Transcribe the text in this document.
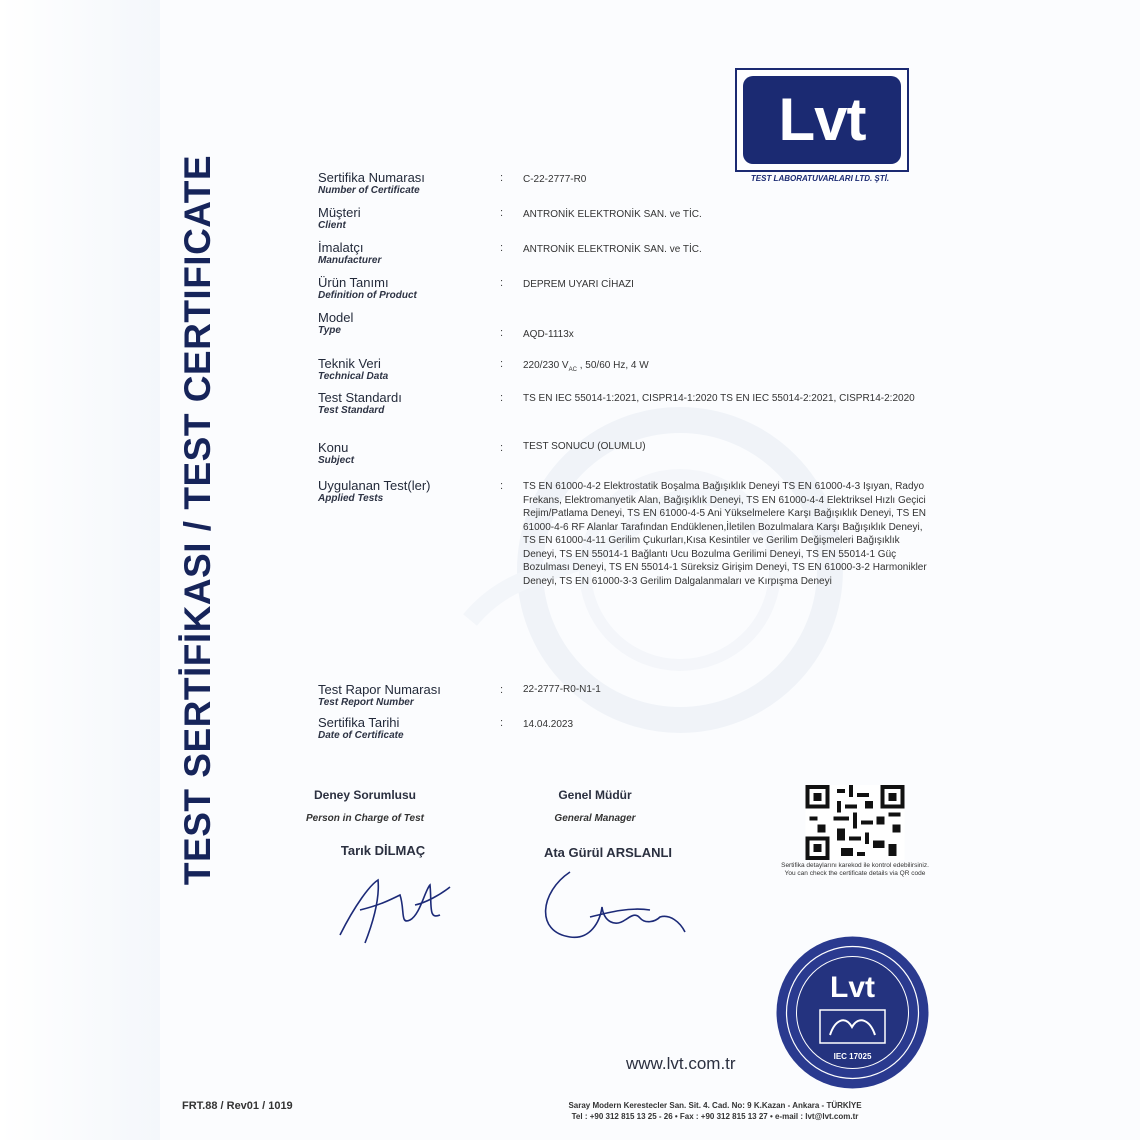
TEST SERTİFİKASI / TEST CERTIFICATE
Lvt
TEST LABORATUVARLARI LTD. ŞTİ.
Sertifika Numarası
Number of Certificate
: C-22-2777-R0
Müşteri
Client
: ANTRONİK ELEKTRONİK SAN. ve TİC.
İmalatçı
Manufacturer
: ANTRONİK ELEKTRONİK SAN. ve TİC.
Ürün Tanımı
Definition of Product
: DEPREM UYARI CİHAZI
Model
Type	: AQD-1113x
Teknik Veri
Technical Data
: 220/230 $V_{AC}$ , 50/60 Hz, 4 W
Test Standardı
Test Standard
: TS EN IEC 55014-1:2021, CISPR14-1:2020 TS EN IEC 55014-2:2021, CISPR14-2:2020
Konu
Subject
: TEST SONUCU (OLUMLU)
Uygulanan Test(ler)
Applied Tests
: TS EN 61000-4-2 Elektrostatik Boşalma Bağışıklık Deneyi TS EN 61000-4-3 Işıyan, Radyo Frekans, Elektromanyetik Alan, Bağışıklık Deneyi, TS EN 61000-4-4 Elektriksel Hızlı Geçici Rejim/Patlama Deneyi, TS EN 61000-4-5 Ani Yükselmelere Karşı Bağışıklık Deneyi, TS EN 61000-4-6 RF Alanlar Tarafından Endüklenen,İletilen Bozulmalara Karşı Bağışıklık Deneyi, TS EN 61000-4-11 Gerilim Çukurları,Kısa Kesintiler ve Gerilim Değişmeleri Bağışıklık Deneyi, TS EN 55014-1 Bağlantı Ucu Bozulma Gerilimi Deneyi, TS EN 55014-1 Güç Bozulması Deneyi, TS EN 55014-1 Süreksiz Girişim Deneyi, TS EN 61000-3-2 Harmonikler Deneyi, TS EN 61000-3-3 Gerilim Dalgalanmaları ve Kırpışma Deneyi
Test Rapor Numarası
Test Report Number
: 22-2777-R0-N1-1
Sertifika Tarihi
Date of Certificate
: 14.04.2023
Deney Sorumlusu
Person in Charge of Test
Tarık DİLMAÇ
Genel Müdür
General Manager
Ata Gürül ARSLANLI
Sertifika detaylarını karekod ile kontrol edebilirsiniz.
You can check the certificate details via QR code
Lvt
IEC 17025
www.lvt.com.tr
FRT.88 / Rev01 / 1019	Saray Modern Kerestecler San. Sit. 4. Cad. No: 9 K.Kazan - Ankara - TÜRKİYE
Tel : +90 312 815 13 25 - 26 • Fax : +90 312 815 13 27 • e-mail : lvt@lvt.com.tr
